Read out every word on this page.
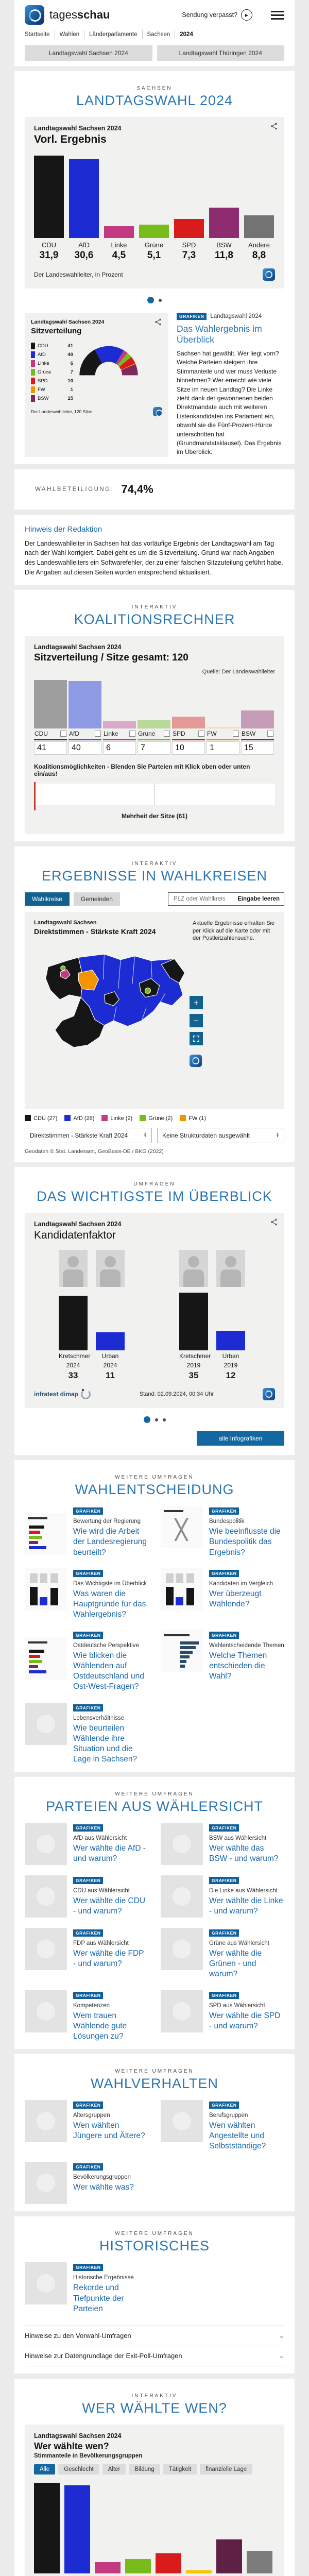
tagesschau	Sendung verpasst?	▶
Startseite	Wahlen	Länderparlamente	Sachsen	2024
Landtagswahl Sachsen 2024	Landtagswahl Thüringen 2024
SACHSEN
LANDTAGSWAHL 2024
Landtagswahl Sachsen 2024
Vorl. Ergebnis
CDU
31,9
AfD
30,6
Linke
4,5
Grüne
5,1
SPD
7,3
BSW
11,8
Andere
8,8
Der Landeswahlleiter, in Prozent
Landtagswahl Sachsen 2024
Sitzverteilung
CDU	41
AfD	40
Linke	6
Grüne	7
SPD	10
FW	1
BSW	15
Der Landeswahlleiter, 120 Sitze
GRAFIKEN	Landtagswahl 2024
Das Wahlergebnis im Überblick
Sachsen hat gewählt. Wer liegt vorn? Welche Parteien steigern ihre Stimmanteile und wer muss Verluste hinnehmen? Wer erreicht wie viele Sitze im neuen Landtag? Die Linke zieht dank der gewonnenen beiden Direktmandate auch mit weiteren Listenkandidaten ins Parlament ein, obwohl sie die Fünf-Prozent-Hürde unterschritten hat (Grundmandatsklausel). Das Ergebnis im Überblick.
WAHLBETEILIGUNG: 74,4%
Hinweis der Redaktion
Der Landeswahlleiter in Sachsen hat das vorläufige Ergebnis der Landtagswahl am Tag nach der Wahl korrigiert. Dabei geht es um die Sitzverteilung. Grund war nach Angaben des Landeswahlleiters ein Softwarefehler, der zu einer falschen Sitzzuteilung geführt habe. Die Angaben auf diesen Seiten wurden entsprechend aktualisiert.
INTERAKTIV
KOALITIONSRECHNER
Landtagswahl Sachsen 2024
Sitzverteilung / Sitze gesamt: 120
Quelle: Der Landeswahlleiter
CDU
41
AfD
40
Linke
6
Grüne
7
SPD
10
FW
1
BSW
15
Koalitionsmöglichkeiten - Blenden Sie Parteien mit Klick oben oder unten ein/aus!
Mehrheit der Sitze (61)
INTERAKTIV
ERGEBNISSE IN WAHLKREISEN
Wahlkreise	Gemeinden
PLZ oder Wahlkreis	Eingabe leeren
Landtagswahl Sachsen
Direktstimmen - Stärkste Kraft 2024
Aktuelle Ergebnisse erhalten Sie per Klick auf die Karte oder mit der Postleitzahlensuche.
+
−
CDU (27)	AfD (28)	Linke (2)	Grüne (2)	FW (1)
Direktstimmen - Stärkste Kraft 2024	▲
▼	Keine Strukturdaten ausgewählt	▲
▼
Geodaten © Stat. Landesamt, GeoBasis-DE / BKG (2022)
UMFRAGEN
DAS WICHTIGSTE IM ÜBERBLICK
Landtagswahl Sachsen 2024
Kandidatenfaktor
Kretschmer
2024
33
Urban
2024
11
Kretschmer
2019
35
Urban
2019
12
infratest dimap	Stand: 02.09.2024, 00:34 Uhr
alle Infografiken
WEITERE UMFRAGEN
WAHLENTSCHEIDUNG
GRAFIKEN
Bewertung der Regierung
Wie wird die Arbeit der Landesregierung beurteilt?
GRAFIKEN
Bundespolitik
Wie beeinflusste die Bundespolitik das Ergebnis?
GRAFIKEN
Das Wichtigste im Überblick
Was waren die Hauptgründe für das Wahlergebnis?
GRAFIKEN
Kandidaten im Vergleich
Wer überzeugt Wählende?
GRAFIKEN
Ostdeutsche Perspektive
Wie blicken die Wählenden auf Ostdeutschland und Ost-West-Fragen?
GRAFIKEN
Wahlentscheidende Themen
Welche Themen entschieden die Wahl?
GRAFIKEN
Lebensverhältnisse
Wie beurteilen Wählende ihre Situation und die Lage in Sachsen?
WEITERE UMFRAGEN
PARTEIEN AUS WÄHLERSICHT
GRAFIKEN
AfD aus Wählersicht
Wer wählte die AfD - und warum?
GRAFIKEN
BSW aus Wählersicht
Wer wählte das BSW - und warum?
GRAFIKEN
CDU aus Wählersicht
Wer wählte die CDU - und warum?
GRAFIKEN
Die Linke aus Wählersicht
Wer wählte die Linke - und warum?
GRAFIKEN
FDP aus Wählersicht
Wer wählte die FDP - und warum?
GRAFIKEN
Grüne aus Wählersicht
Wer wählte die Grünen - und warum?
GRAFIKEN
Kompetenzen
Wem trauen Wählende gute Lösungen zu?
GRAFIKEN
SPD aus Wählersicht
Wer wählte die SPD - und warum?
WEITERE UMFRAGEN
WAHLVERHALTEN
GRAFIKEN
Altersgruppen
Wen wählten Jüngere und Ältere?
GRAFIKEN
Berufsgruppen
Wen wählten Angestellte und Selbstständige?
GRAFIKEN
Bevölkerungsgruppen
Wer wählte was?
WEITERE UMFRAGEN
HISTORISCHES
GRAFIKEN
Historische Ergebnisse
Rekorde und Tiefpunkte der Parteien
Hinweise zu den Vorwahl-Umfragen	⌄
Hinweise zur Datengrundlage der Exit-Poll-Umfragen	⌄
INTERAKTIV
WER WÄHLTE WEN?
Landtagswahl Sachsen 2024
Wer wählte wen?
Stimmanteile in Bevölkerungsgruppen
Alle	Geschlecht	Alter	Bildung	Tätigkeit	finanzielle Lage
